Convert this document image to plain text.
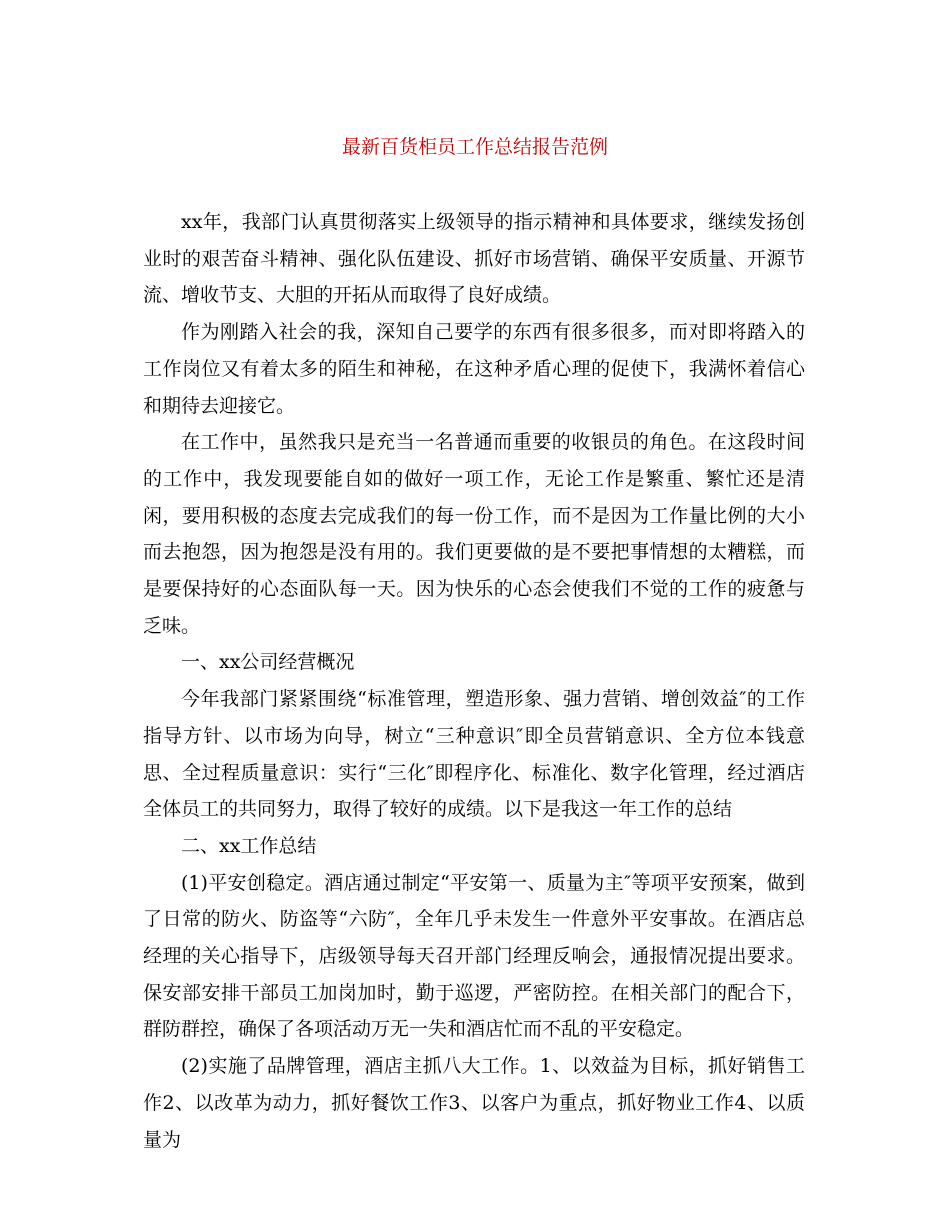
最新百货柜员工作总结报告范例

xx年，我部门认真贯彻落实上级领导的指示精神和具体要求，继续发扬创业时的艰苦奋斗精神、强化队伍建设、抓好市场营销、确保平安质量、开源节流、增收节支、大胆的开拓从而取得了良好成绩。

作为刚踏入社会的我，深知自己要学的东西有很多很多，而对即将踏入的工作岗位又有着太多的陌生和神秘，在这种矛盾心理的促使下，我满怀着信心和期待去迎接它。

在工作中，虽然我只是充当一名普通而重要的收银员的角色。在这段时间的工作中，我发现要能自如的做好一项工作，无论工作是繁重、繁忙还是清闲，要用积极的态度去完成我们的每一份工作，而不是因为工作量比例的大小而去抱怨，因为抱怨是没有用的。我们更要做的是不要把事情想的太糟糕，而是要保持好的心态面队每一天。因为快乐的心态会使我们不觉的工作的疲惫与乏味。

一、xx公司经营概况

今年我部门紧紧围绕“标准管理，塑造形象、强力营销、增创效益″的工作指导方针、以市场为向导，树立“三种意识″即全员营销意识、全方位本钱意思、全过程质量意识：实行“三化″即程序化、标准化、数字化管理，经过酒店全体员工的共同努力，取得了较好的成绩。以下是我这一年工作的总结

二、xx工作总结

(1)平安创稳定。酒店通过制定“平安第一、质量为主″等项平安预案，做到了日常的防火、防盗等“六防″，全年几乎未发生一件意外平安事故。在酒店总经理的关心指导下，店级领导每天召开部门经理反响会，通报情况提出要求。保安部安排干部员工加岗加时，勤于巡逻，严密防控。在相关部门的配合下，群防群控，确保了各项活动万无一失和酒店忙而不乱的平安稳定。

(2)实施了品牌管理，酒店主抓八大工作。1、以效益为目标，抓好销售工作2、以改革为动力，抓好餐饮工作3、以客户为重点，抓好物业工作4、以质量为
